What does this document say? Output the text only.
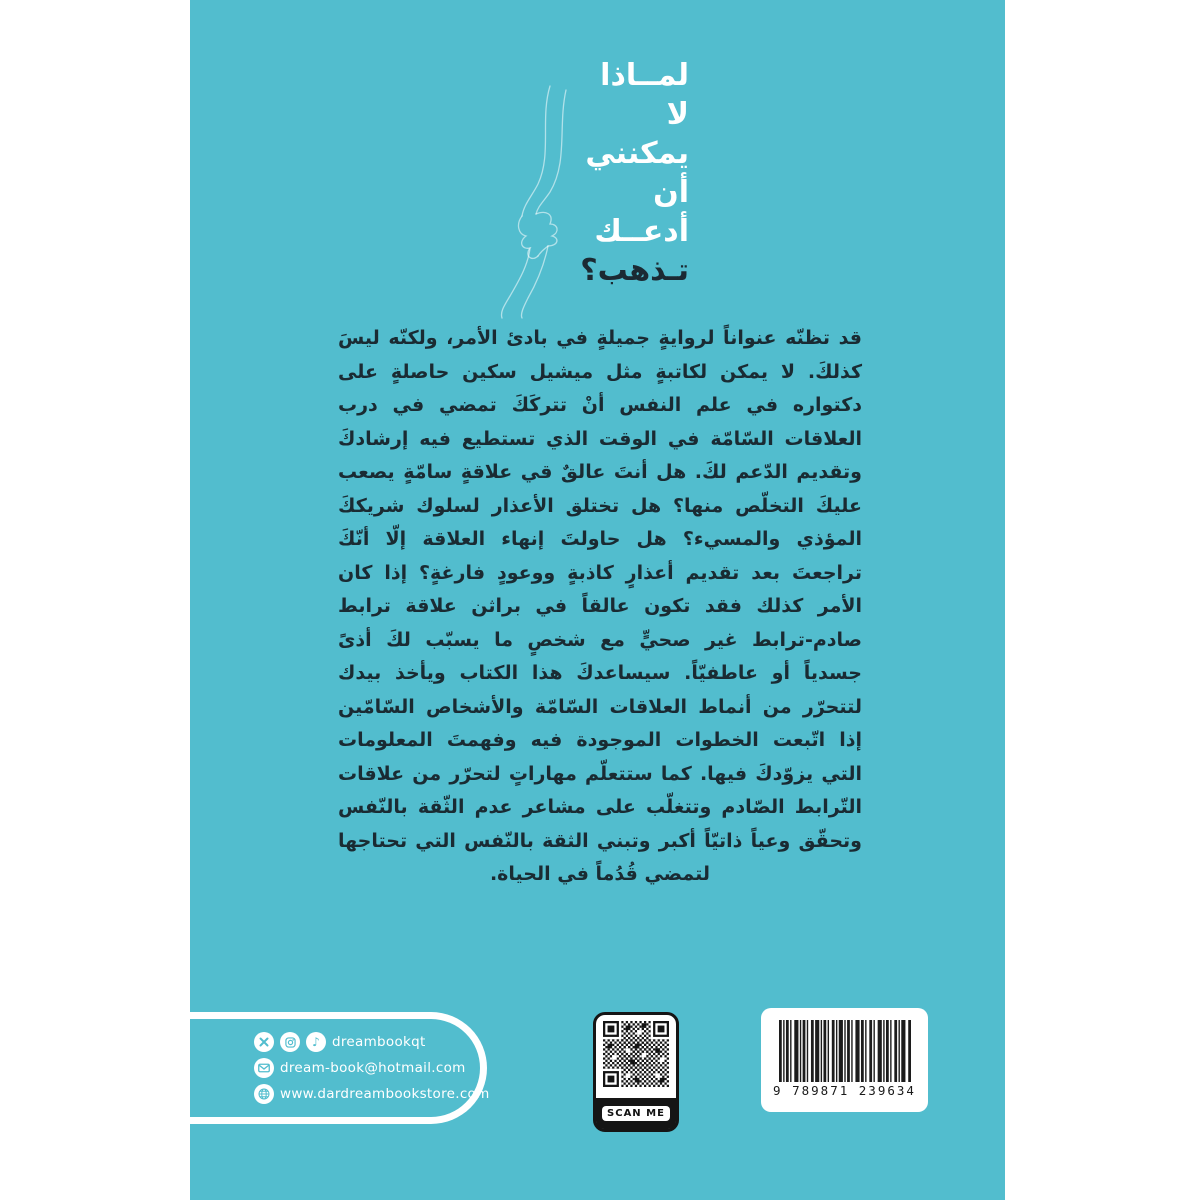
لمــاذا
لا
يمكنني
أن
أدعــك
تـذهب؟
قد تظنّه عنواناً لروايةٍ جميلةٍ في بادئ الأمر، ولكنّه ليسَ كذلكَ. لا يمكن لكاتبةٍ مثل ميشيل سكين حاصلةٍ على دكتواره في علم النفس أنْ تتركَكَ تمضي في درب العلاقات السّامّة في الوقت الذي تستطيع فيه إرشادكَ وتقديم الدّعم لكَ. هل أنتَ عالقٌ قي علاقةٍ سامّةٍ يصعب عليكَ التخلّص منها؟ هل تختلق الأعذار لسلوك شريككَ المؤذي والمسيء؟ هل حاولتَ إنهاء العلاقة إلّا أنّكَ تراجعتَ بعد تقديم أعذارٍ كاذبةٍ ووعودٍ فارغةٍ؟ إذا كان الأمر كذلك فقد تكون عالقاً في براثن علاقة ترابط صادم-ترابط غير صحيٍّ مع شخصٍ ما يسبّب لكَ أذىً جسدياً أو عاطفيّاً. سيساعدكَ هذا الكتاب ويأخذ بيدك لتتحرّر من أنماط العلاقات السّامّة والأشخاص السّامّين إذا اتّبعت الخطوات الموجودة فيه وفهمتَ المعلومات التي يزوّدكَ فيها. كما ستتعلّم مهاراتٍ لتحرّر من علاقات التّرابط الصّادم وتتغلّب على مشاعر عدم الثّقة بالنّفس وتحقّق وعياً ذاتيّاً أكبر وتبني الثقة بالنّفس التي تحتاجها لتمضي قُدُماً في الحياة.
♪ dreambookqt
dream-book@hotmail.com
www.dardreambookstore.com
SCAN ME
9 789871 239634
